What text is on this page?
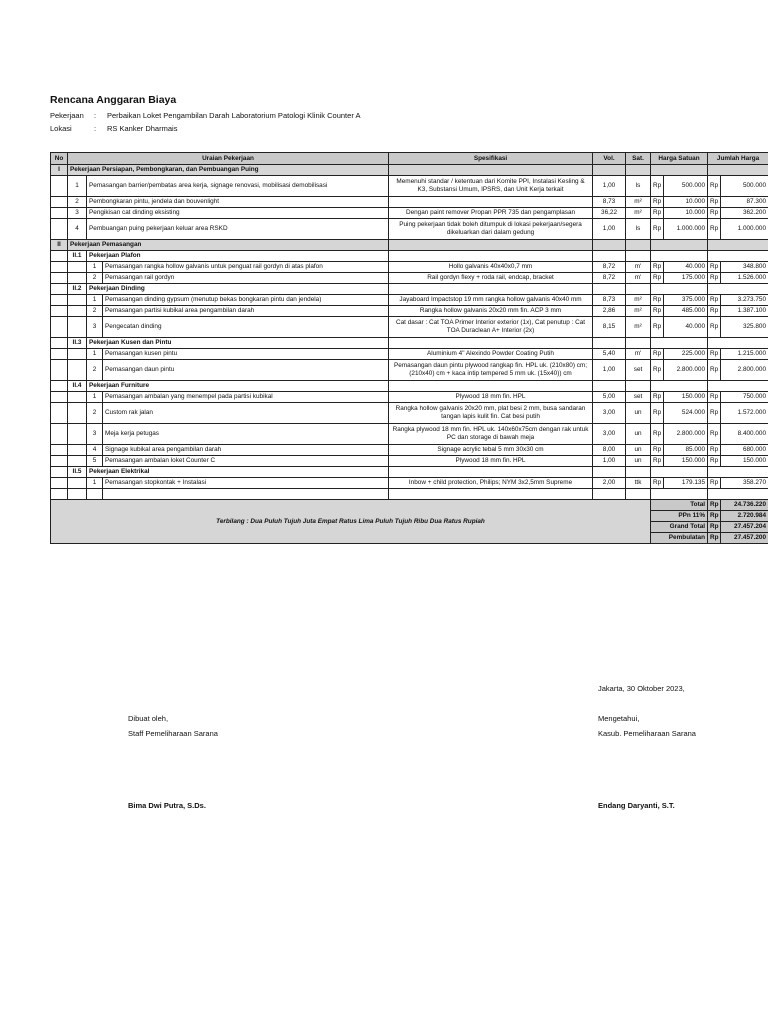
Rencana Anggaran Biaya
Pekerjaan : Perbaikan Loket Pengambilan Darah Laboratorium Patologi Klinik Counter A
Lokasi	: RS Kanker Dharmais
No	Uraian Pekerjaan			Spesifikasi	Vol.	Sat.	Harga Satuan		Jumlah Harga	
I	Pekerjaan Persiapan, Pembongkaran, dan Pembuangan Puing									
	1	Pemasangan barrier/pembatas area kerja, signage renovasi, mobilisasi demobilisasi		Memenuhi standar / ketentuan dari Komite PPI, Instalasi Kesling & K3, Substansi Umum, IPSRS, dan Unit Kerja terkait	1,00	ls	Rp	500.000	Rp	500.000
	2	Pembongkaran pintu, jendela dan bouvenlight			8,73	m²	Rp	10.000	Rp	87.300
	3	Pengikisan cat dinding eksisting		Dengan paint remover Propan PPR 735 dan pengamplasan	36,22	m²	Rp	10.000	Rp	362.200
	4	Pembuangan puing pekerjaan keluar area RSKD		Puing pekerjaan tidak boleh ditumpuk di lokasi pekerjaan/segera dikeluarkan dari dalam gedung	1,00	ls	Rp	1.000.000	Rp	1.000.000
II	Pekerjaan Pemasangan									
	II.1	Pekerjaan Plafon								
		1	Pemasangan rangka hollow galvanis untuk penguat rail gordyn di atas plafon	Hollo galvanis 40x40x0,7 mm	8,72	m'	Rp	40.000	Rp	348.800
		2	Pemasangan rail gordyn	Rail gordyn flexy + roda rail, endcap, bracket	8,72	m'	Rp	175.000	Rp	1.526.000
	II.2	Pekerjaan Dinding								
		1	Pemasangan dinding gypsum (menutup bekas bongkaran pintu dan jendela)	Jayaboard Impactstop 19 mm rangka hollow galvanis 40x40 mm	8,73	m²	Rp	375.000	Rp	3.273.750
		2	Pemasangan partisi kubikal area pengambilan darah	Rangka hollow galvanis 20x20 mm fin. ACP 3 mm	2,86	m²	Rp	485.000	Rp	1.387.100
		3	Pengecatan dinding	Cat dasar : Cat TOA Primer Interior exterior (1x), Cat penutup : Cat TOA Duraclean A+ Interior (2x)	8,15	m²	Rp	40.000	Rp	325.800
	II.3	Pekerjaan Kusen dan Pintu								
		1	Pemasangan kusen pintu	Aluminium 4" Alexindo Powder Coating Putih	5,40	m'	Rp	225.000	Rp	1.215.000
		2	Pemasangan daun pintu	Pemasangan daun pintu plywood rangkap fin. HPL uk. (210x80) cm; (210x40) cm + kaca intip tempered 5 mm uk. (15x40)) cm	1,00	set	Rp	2.800.000	Rp	2.800.000
	II.4	Pekerjaan Furniture								
		1	Pemasangan ambalan yang menempel pada partisi kubikal	Plywood 18 mm fin. HPL	5,00	set	Rp	150.000	Rp	750.000
		2	Custom rak jalan	Rangka hollow galvanis 20x20 mm, plat besi 2 mm, busa sandaran tangan lapis kulit fin. Cat besi putih	3,00	un	Rp	524.000	Rp	1.572.000
		3	Meja kerja petugas	Rangka plywood 18 mm fin. HPL uk. 140x60x75cm dengan rak untuk PC dan storage di bawah meja	3,00	un	Rp	2.800.000	Rp	8.400.000
		4	Signage kubikal area pengambilan darah	Signage acrylic tebal 5 mm 30x30 cm	8,00	un	Rp	85.000	Rp	680.000
		5	Pemasangan ambalan loket Counter C	Plywood 18 mm fin. HPL	1,00	un	Rp	150.000	Rp	150.000
	II.5	Pekerjaan Elektrikal								
		1	Pemasangan stopkontak + Instalasi	Inbow + child protection, Philips; NYM 3x2,5mm Supreme	2,00	ttk	Rp	179.135	Rp	358.270

Terbilang : Dua Puluh Tujuh Juta Empat Ratus Lima Puluh Tujuh Ribu Dua Ratus Rupiah							Total		Rp	24.736.220
							PPn 11%		Rp	2.720.984
							Grand Total		Rp	27.457.204
							Pembulatan		Rp	27.457.200
Jakarta, 30 Oktober 2023,
Dibuat oleh,
Staff Pemeliharaan Sarana
Bima Dwi Putra, S.Ds.
Mengetahui,
Kasub. Pemeliharaan Sarana
Endang Daryanti, S.T.
